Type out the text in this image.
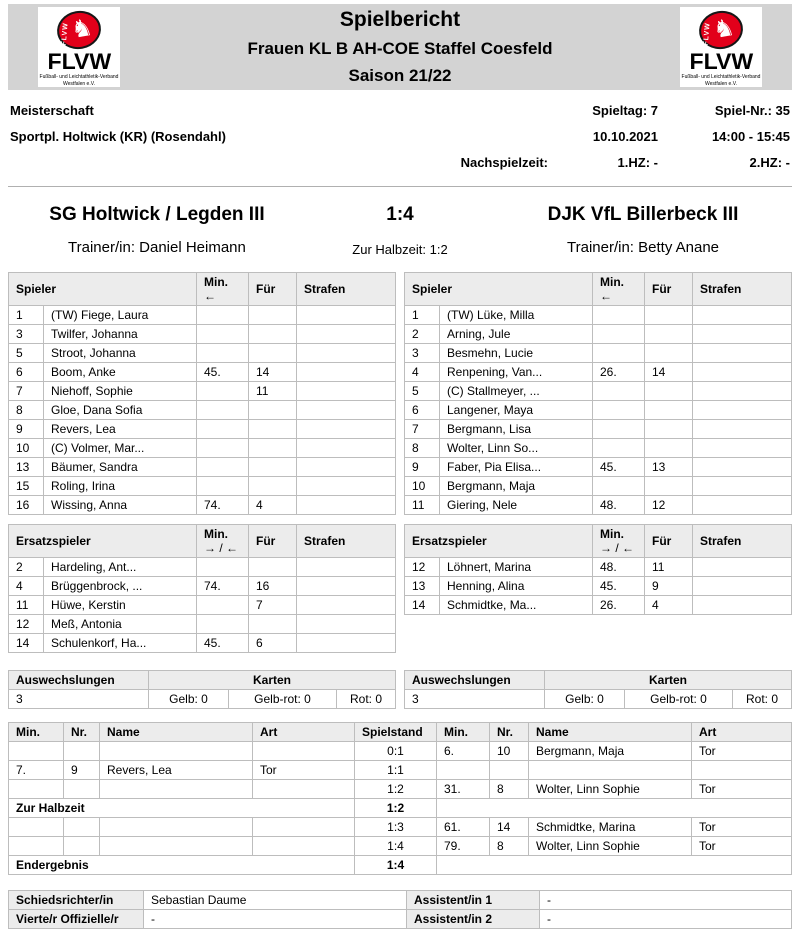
FLVW ♞
FLVW
Fußball- und Leichtathletik-Verband
Westfalen e.V.
Spielbericht
Frauen KL B AH-COE Staffel Coesfeld
Saison 21/22
FLVW ♞
FLVW
Fußball- und Leichtathletik-Verband
Westfalen e.V.
Meisterschaft
Sportpl. Holtwick (KR) (Rosendahl)
Spieltag: 7	Spiel-Nr.: 35
10.10.2021	14:00 - 15:45
Nachspielzeit:	1.HZ: -	2.HZ: -
SG Holtwick / Legden III
Trainer/in: Daniel Heimann
1:4
Zur Halbzeit: 1:2
DJK VfL Billerbeck III
Trainer/in: Betty Anane
Spieler		Min.
←	Für	Strafen
1	(TW) Fiege, Laura			
3	Twilfer, Johanna			
5	Stroot, Johanna			
6	Boom, Anke	45.	14	
7	Niehoff, Sophie		11	
8	Gloe, Dana Sofia			
9	Revers, Lea			
10	(C) Volmer, Mar...			
13	Bäumer, Sandra			
15	Roling, Irina			
16	Wissing, Anna	74.	4	
Spieler		Min.
←	Für	Strafen
1	(TW) Lüke, Milla			
2	Arning, Jule			
3	Besmehn, Lucie			
4	Renpening, Van...	26.	14	
5	(C) Stallmeyer, ...			
6	Langener, Maya			
7	Bergmann, Lisa			
8	Wolter, Linn So...			
9	Faber, Pia Elisa...	45.	13	
10	Bergmann, Maja			
11	Giering, Nele	48.	12	
Ersatzspieler		Min.
→ / ←	Für	Strafen
2	Hardeling, Ant...			
4	Brüggenbrock, ...	74.	16	
11	Hüwe, Kerstin		7	
12	Meß, Antonia			
14	Schulenkorf, Ha...	45.	6	
Ersatzspieler		Min.
→ / ←	Für	Strafen
12	Löhnert, Marina	48.	11	
13	Henning, Alina	45.	9	
14	Schmidtke, Ma...	26.	4	
Auswechslungen	Karten		
3	Gelb: 0	Gelb-rot: 0	Rot: 0
Auswechslungen	Karten		
3	Gelb: 0	Gelb-rot: 0	Rot: 0
Min.	Nr.	Name	Art	Spielstand	Min.	Nr.	Name	Art
				0:1	6.	10	Bergmann, Maja	Tor
7.	9	Revers, Lea	Tor	1:1				
				1:2	31.	8	Wolter, Linn Sophie	Tor
Zur Halbzeit				1:2				
				1:3	61.	14	Schmidtke, Marina	Tor
				1:4	79.	8	Wolter, Linn Sophie	Tor
Endergebnis				1:4				
Schiedsrichter/in	Sebastian Daume	Assistent/in 1	-
Vierte/r Offizielle/r	-	Assistent/in 2	-
